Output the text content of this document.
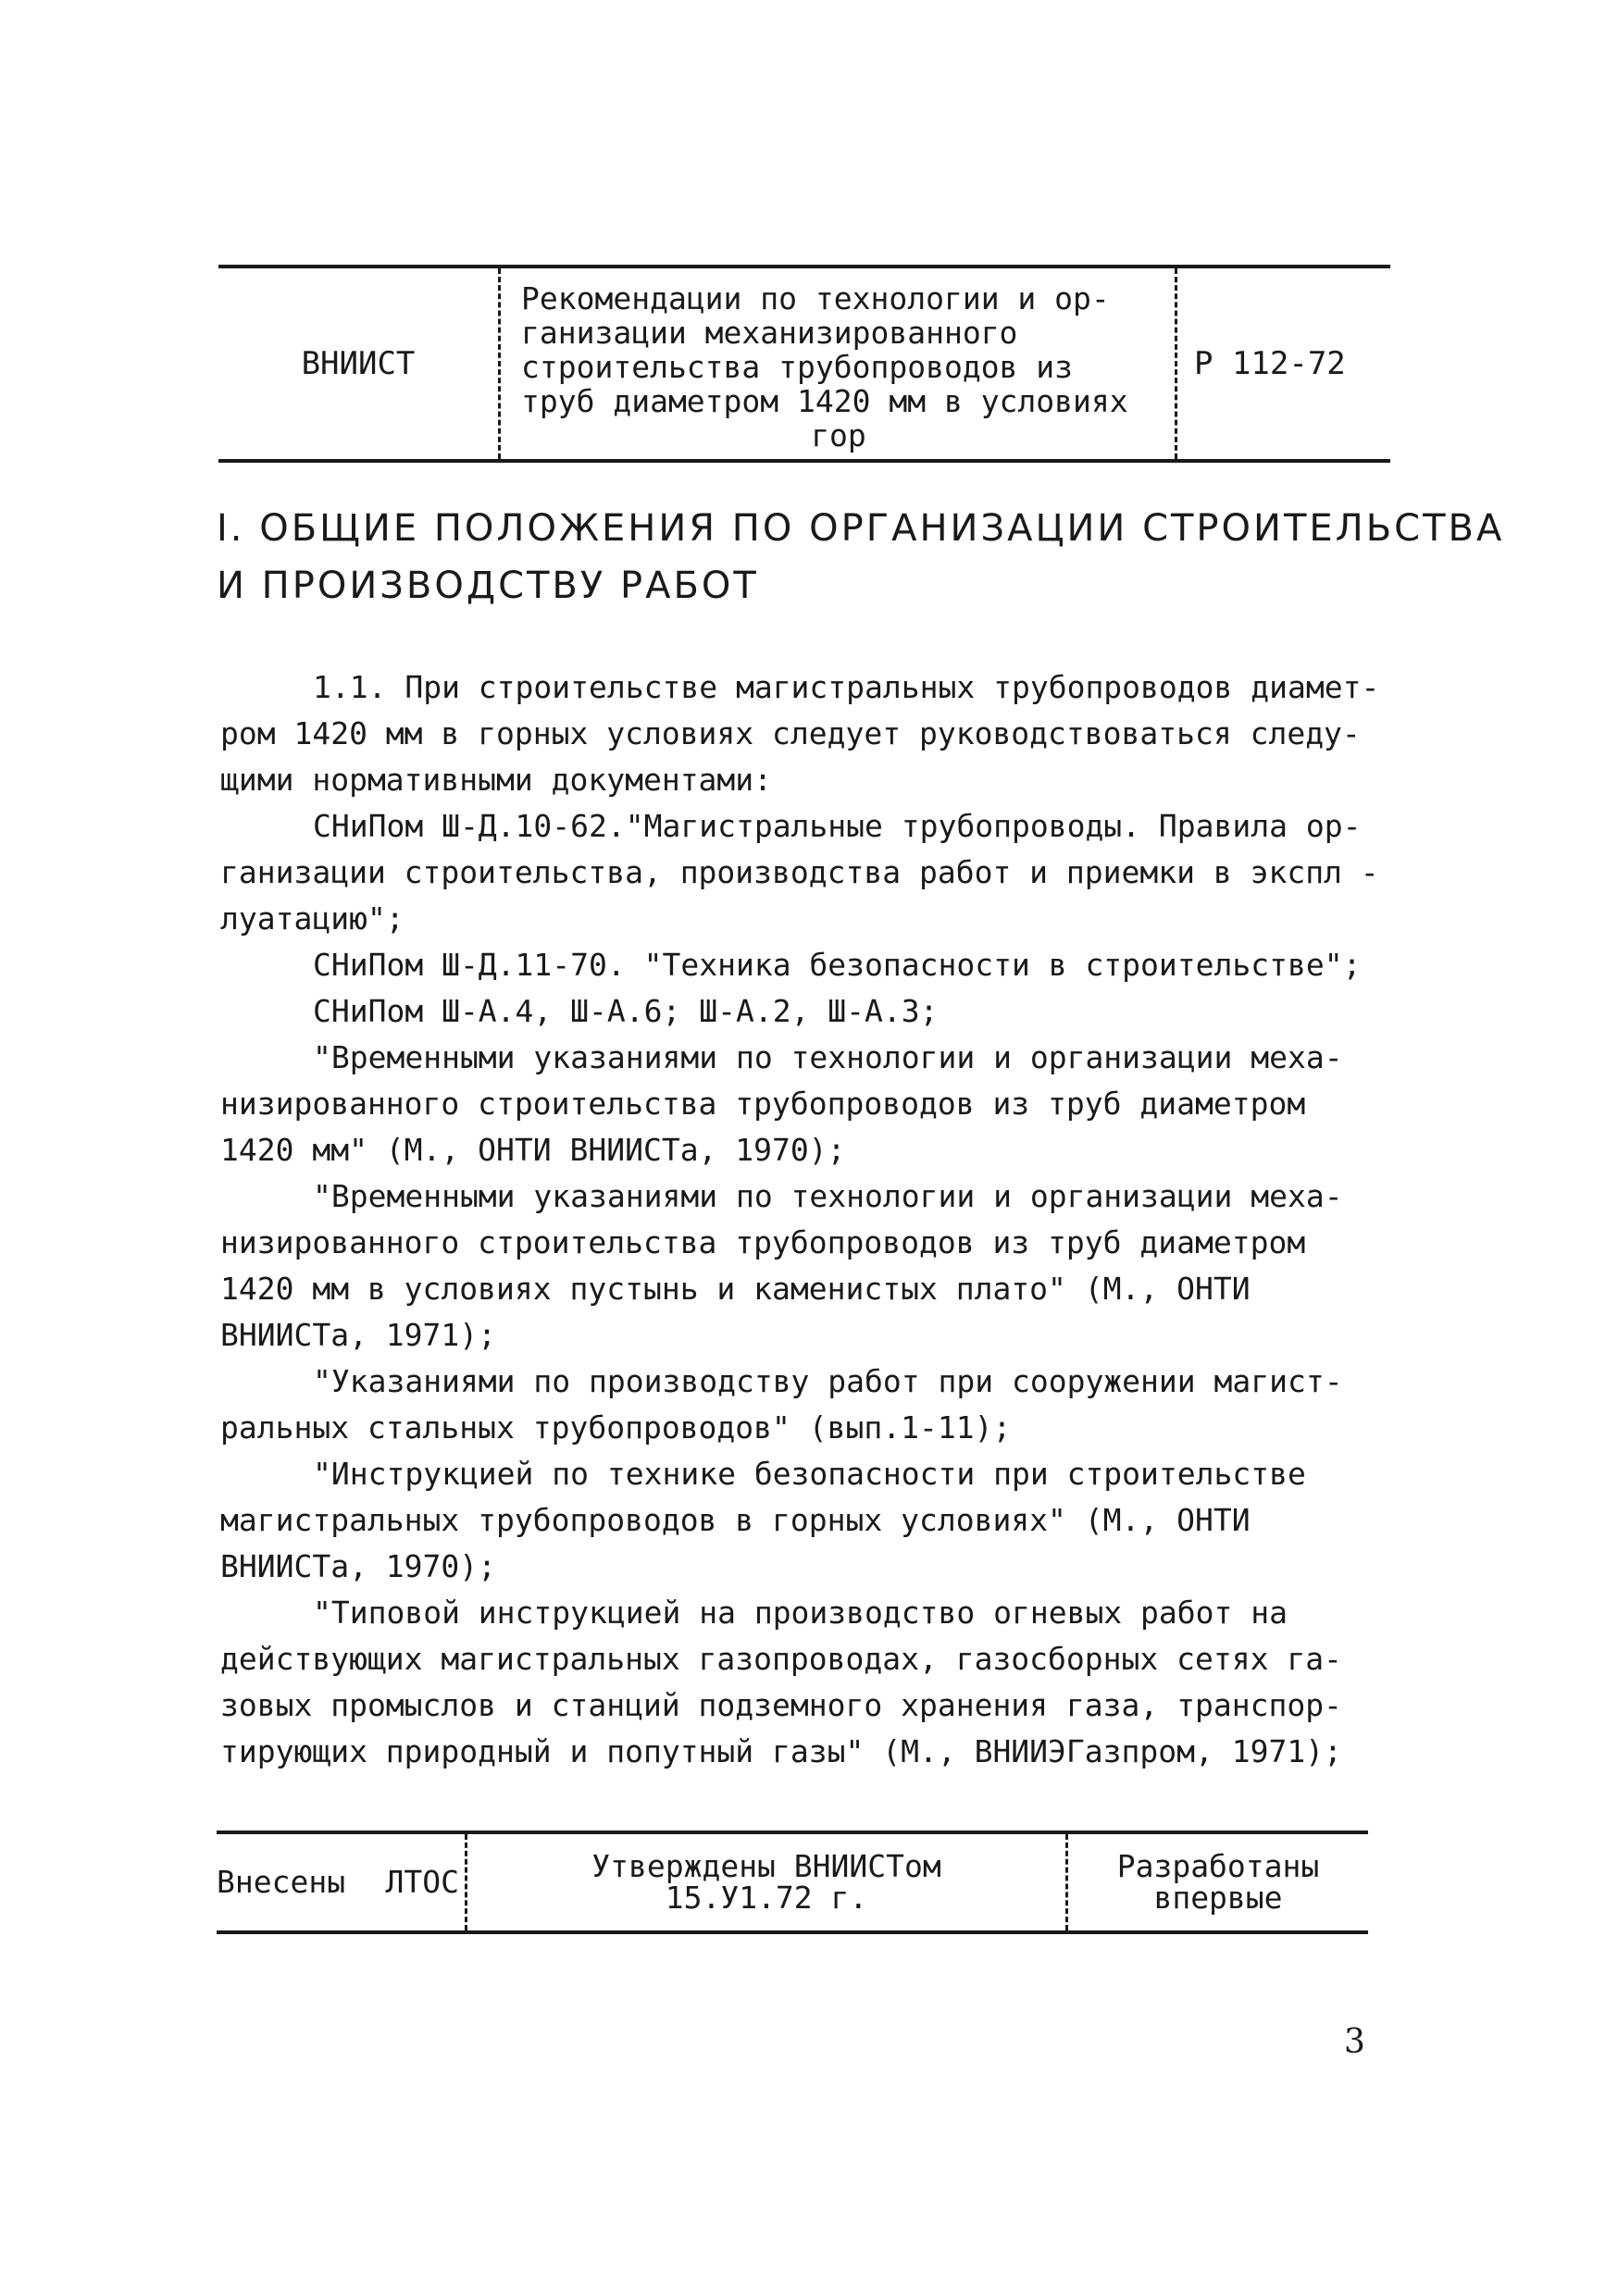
ВНИИСТ
Рекомендации по технологии и ор-
ганизации механизированного
строительства трубопроводов из
труб диаметром 1420 мм в условиях
гор
Р 112-72
I. ОБЩИЕ ПОЛОЖЕНИЯ ПО ОРГАНИЗАЦИИ СТРОИТЕЛЬСТВА
И ПРОИЗВОДСТВУ РАБОТ
1.1. При строительстве магистральных трубопроводов диамет-
ром 1420 мм в горных условиях следует руководствоваться следу-
щими нормативными документами:
СНиПом Ш-Д.10-62."Магистральные трубопроводы. Правила ор-
ганизации строительства, производства работ и приемки в экспл -
луатацию";
СНиПом Ш-Д.11-70. "Техника безопасности в строительстве";
СНиПом Ш-А.4, Ш-А.6; Ш-А.2, Ш-А.3;
"Временными указаниями по технологии и организации меха-
низированного строительства трубопроводов из труб диаметром
1420 мм" (М., ОНТИ ВНИИСТа, 1970);
"Временными указаниями по технологии и организации меха-
низированного строительства трубопроводов из труб диаметром
1420 мм в условиях пустынь и каменистых плато" (М., ОНТИ
ВНИИСТа, 1971);
"Указаниями по производству работ при сооружении магист-
ральных стальных трубопроводов" (вып.1-11);
"Инструкцией по технике безопасности при строительстве
магистральных трубопроводов в горных условиях" (М., ОНТИ
ВНИИСТа, 1970);
"Типовой инструкцией на производство огневых работ на
действующих магистральных газопроводах, газосборных сетях га-
зовых промыслов и станций подземного хранения газа, транспор-
тирующих природный и попутный газы" (М., ВНИИЭГазпром, 1971);
Внесены ЛТОС	Утверждены ВНИИСТом
15.У1.72 г.
Разработаны
впервые
3
